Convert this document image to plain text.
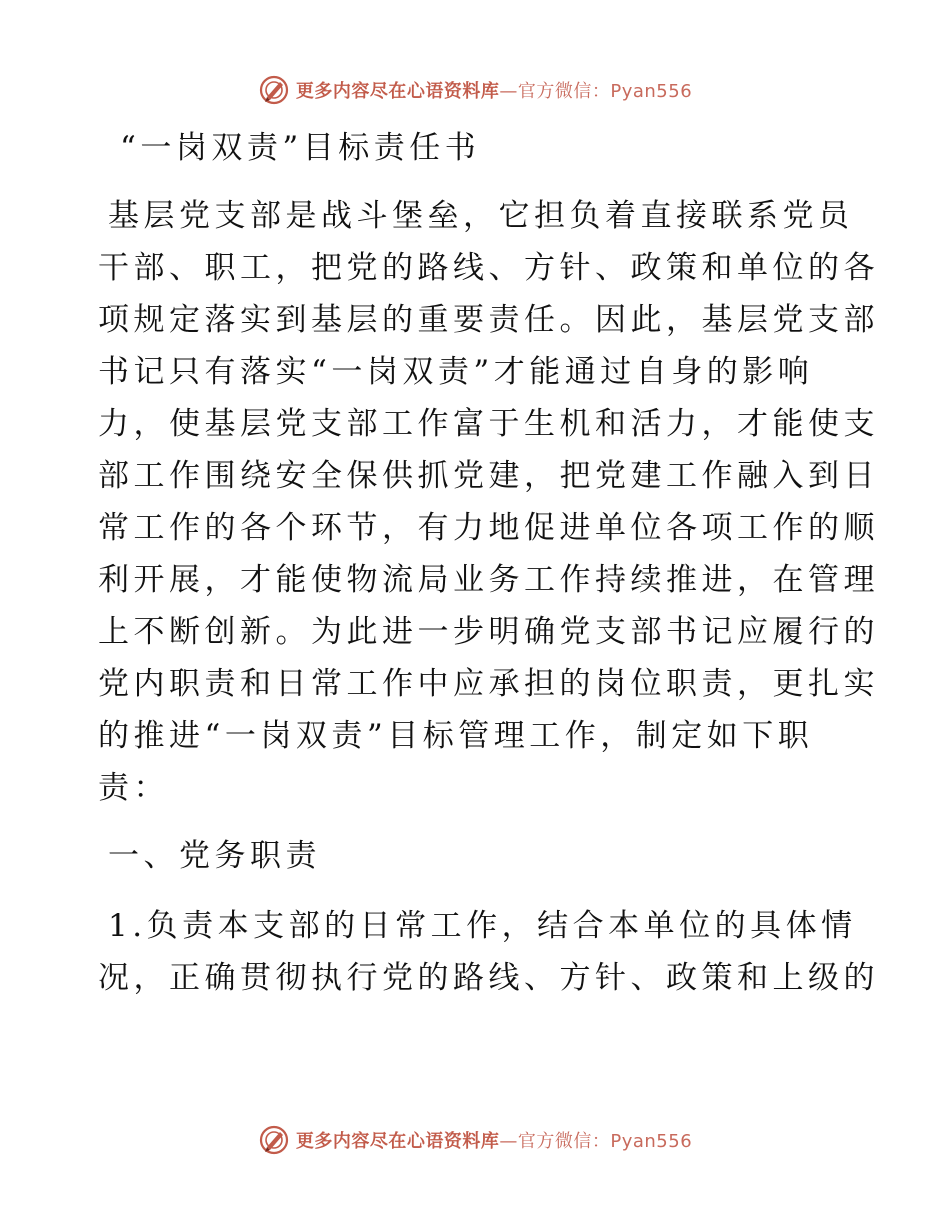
更多内容尽在心语资料库—官方微信：Pyan556
“一岗双责”目标责任书
基层党支部是战斗堡垒，它担负着直接联系党员
干部、职工，把党的路线、方针、政策和单位的各
项规定落实到基层的重要责任。因此，基层党支部
书记只有落实“一岗双责”才能通过自身的影响
力，使基层党支部工作富于生机和活力，才能使支
部工作围绕安全保供抓党建，把党建工作融入到日
常工作的各个环节，有力地促进单位各项工作的顺
利开展，才能使物流局业务工作持续推进，在管理
上不断创新。为此进一步明确党支部书记应履行的
党内职责和日常工作中应承担的岗位职责，更扎实
的推进“一岗双责”目标管理工作，制定如下职
责：
一、党务职责
1.负责本支部的日常工作，结合本单位的具体情
况，正确贯彻执行党的路线、方针、政策和上级的
更多内容尽在心语资料库—官方微信：Pyan556
